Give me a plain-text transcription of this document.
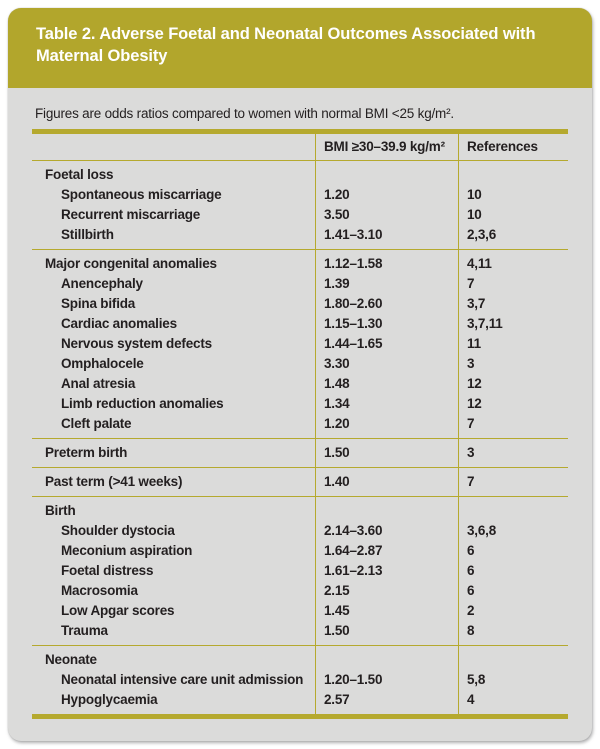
Table 2. Adverse Foetal and Neonatal Outcomes Associated with Maternal Obesity
Figures are odds ratios compared to women with normal BMI <25 kg/m².
BMI ≥30–39.9 kg/m²	References
Foetal loss
Spontaneous miscarriage	1.20	10
Recurrent miscarriage	3.50	10
Stillbirth	1.41–3.10	2,3,6
Major congenital anomalies	1.12–1.58	4,11
Anencephaly	1.39	7
Spina bifida	1.80–2.60	3,7
Cardiac anomalies	1.15–1.30	3,7,11
Nervous system defects	1.44–1.65	11
Omphalocele	3.30	3
Anal atresia	1.48	12
Limb reduction anomalies	1.34	12
Cleft palate	1.20	7
Preterm birth	1.50	3
Past term (>41 weeks)	1.40	7
Birth
Shoulder dystocia	2.14–3.60	3,6,8
Meconium aspiration	1.64–2.87	6
Foetal distress	1.61–2.13	6
Macrosomia	2.15	6
Low Apgar scores	1.45	2
Trauma	1.50	8
Neonate
Neonatal intensive care unit admission	1.20–1.50	5,8
Hypoglycaemia	2.57	4
